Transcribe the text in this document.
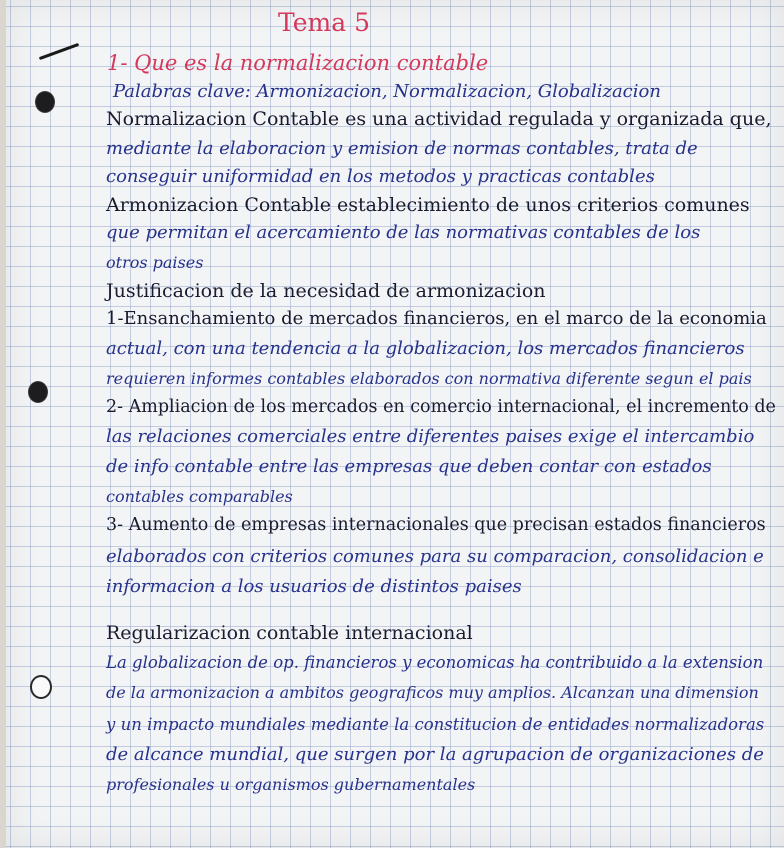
Tema 5
1- Que es la normalizacion contable
Palabras clave: Armonizacion, Normalizacion, Globalizacion
Normalizacion Contable es una actividad regulada y organizada que,
mediante la elaboracion y emision de normas contables, trata de
conseguir uniformidad en los metodos y practicas contables
Armonizacion Contable establecimiento de unos criterios comunes
que permitan el acercamiento de las normativas contables de los
otros paises
Justificacion de la necesidad de armonizacion
1-Ensanchamiento de mercados financieros, en el marco de la economia
actual, con una tendencia a la globalizacion, los mercados financieros
requieren informes contables elaborados con normativa diferente segun el pais
2- Ampliacion de los mercados en comercio internacional, el incremento de
las relaciones comerciales entre diferentes paises exige el intercambio
de info contable entre las empresas que deben contar con estados
contables comparables
3- Aumento de empresas internacionales que precisan estados financieros
elaborados con criterios comunes para su comparacion, consolidacion e
informacion a los usuarios de distintos paises
Regularizacion contable internacional
La globalizacion de op. financieros y economicas ha contribuido a la extension
de la armonizacion a ambitos geograficos muy amplios. Alcanzan una dimension
y un impacto mundiales mediante la constitucion de entidades normalizadoras
de alcance mundial, que surgen por la agrupacion de organizaciones de
profesionales u organismos gubernamentales
